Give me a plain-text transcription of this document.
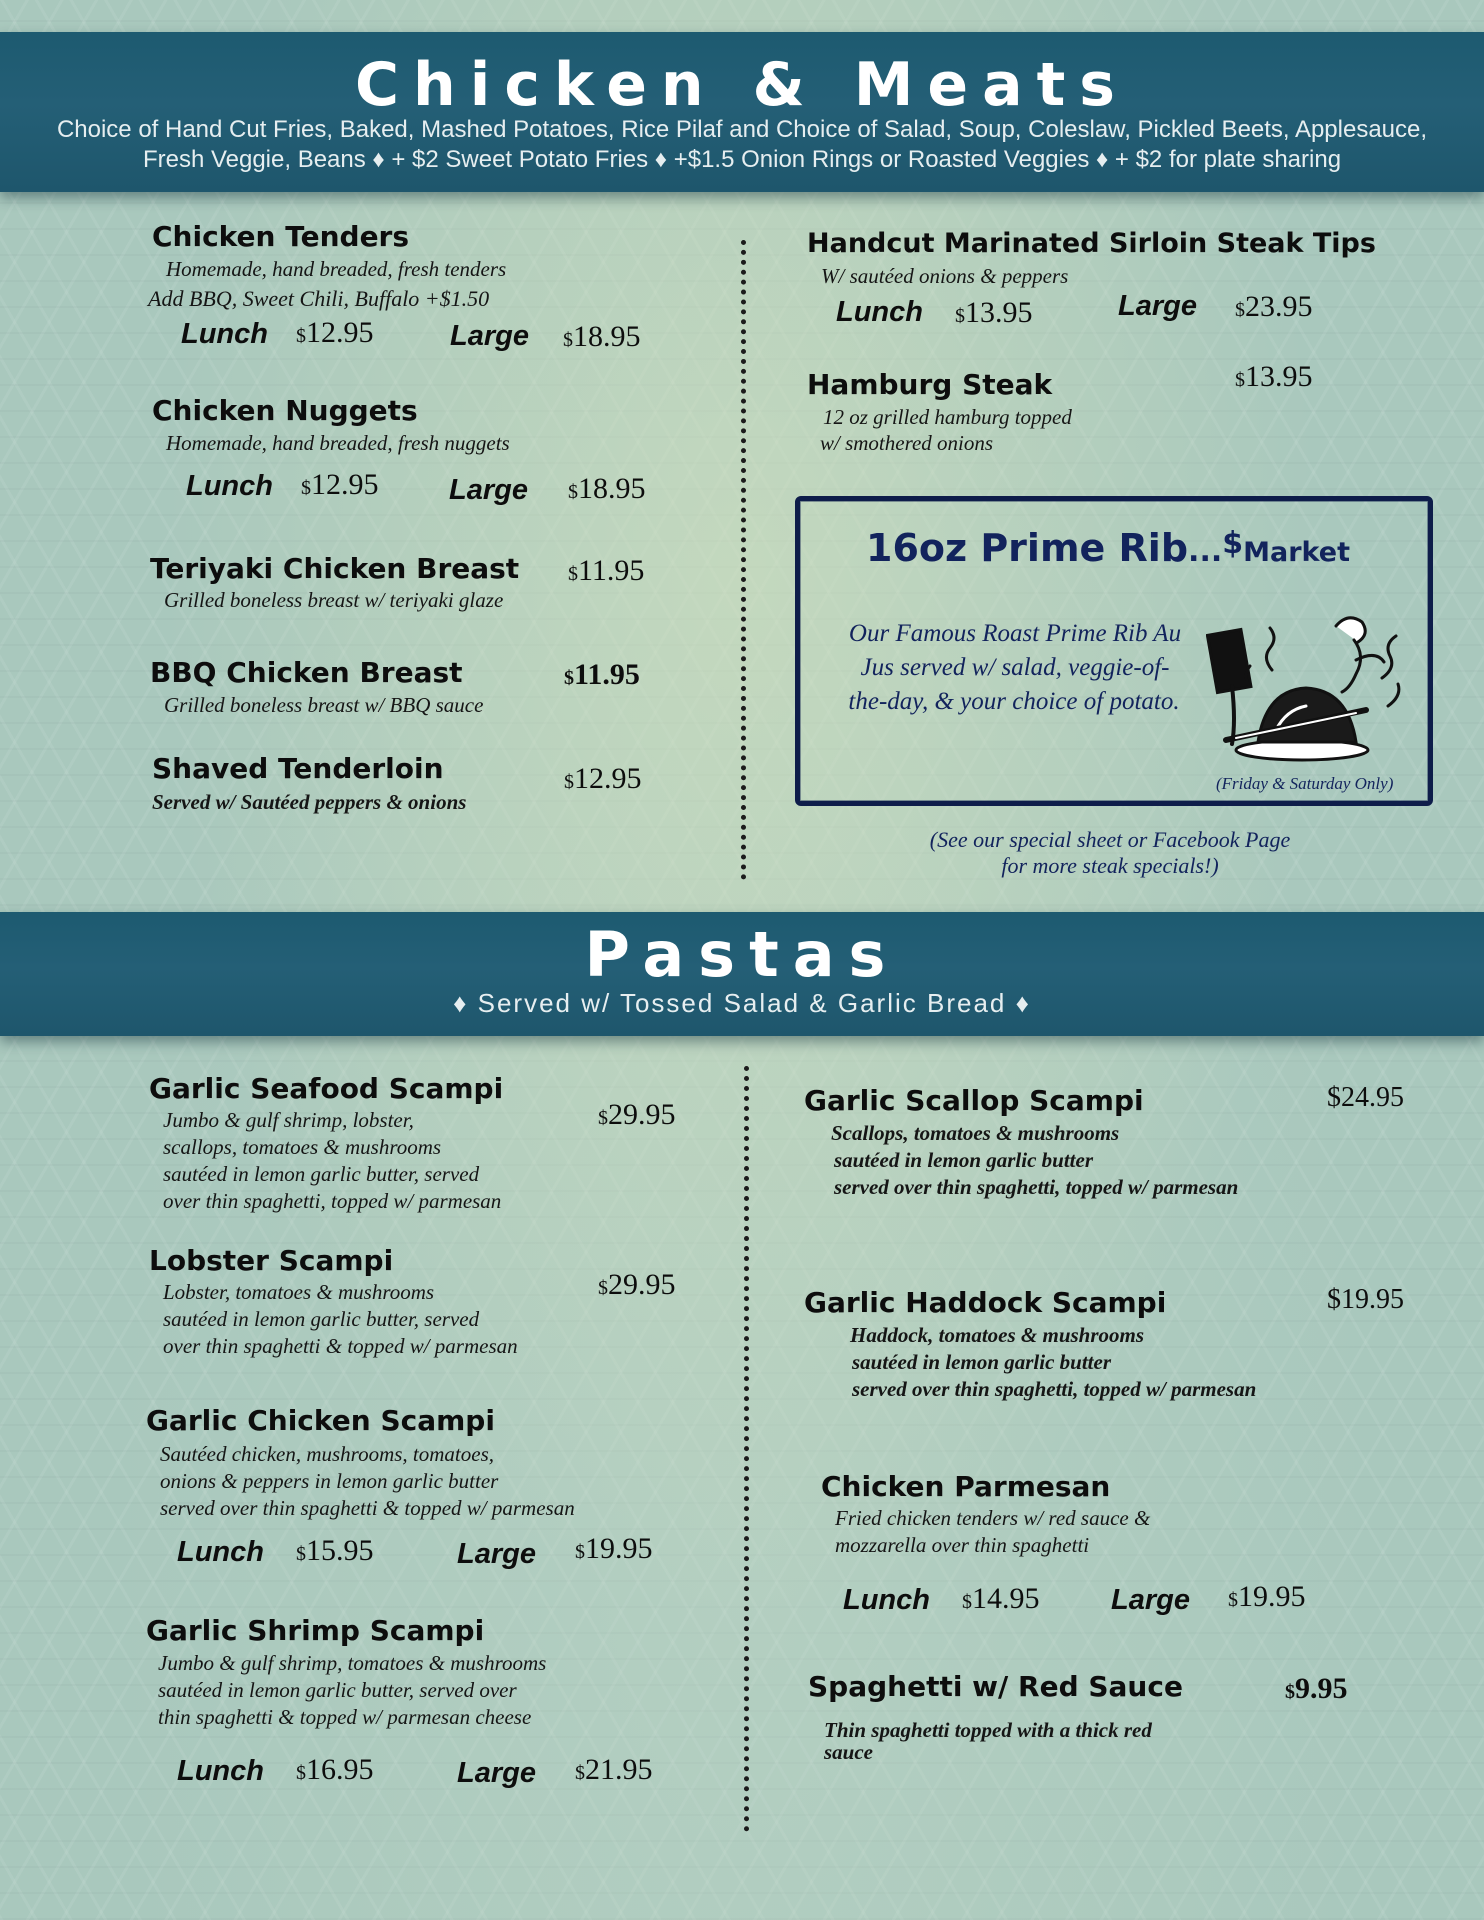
Chicken & Meats
Choice of Hand Cut Fries, Baked, Mashed Potatoes, Rice Pilaf and Choice of Salad, Soup, Coleslaw, Pickled Beets, Applesauce,
Fresh Veggie, Beans ♦ + $2 Sweet Potato Fries ♦ +$1.5 Onion Rings or Roasted Veggies ♦ + $2 for plate sharing
Chicken Tenders
Homemade, hand breaded, fresh tenders
Add BBQ, Sweet Chili, Buffalo +$1.50
Lunch $12.95	Large $18.95
Chicken Nuggets
Homemade, hand breaded, fresh nuggets
Lunch $12.95 Large $18.95
Teriyaki Chicken Breast
Grilled boneless breast w/ teriyaki glaze
$11.95
BBQ Chicken Breast
Grilled boneless breast w/ BBQ sauce
$11.95
Shaved Tenderloin
Served w/ Sautéed peppers & onions
$12.95
Handcut Marinated Sirloin Steak Tips
W/ sautéed onions & peppers
Lunch $13.95	Large $23.95
Hamburg Steak	$13.95
12 oz grilled hamburg topped
w/ smothered onions
16oz Prime Rib...$Market
Our Famous Roast Prime Rib Au
Jus served w/ salad, veggie-of-
the-day, & your choice of potato.
(Friday & Saturday Only)
(See our special sheet or Facebook Page
for more steak specials!)
Pastas
♦ Served w/ Tossed Salad & Garlic Bread ♦
Garlic Seafood Scampi
$29.95
Jumbo & gulf shrimp, lobster,
scallops, tomatoes & mushrooms
sautéed in lemon garlic butter, served
over thin spaghetti, topped w/ parmesan
Lobster Scampi
$29.95
Lobster, tomatoes & mushrooms
sautéed in lemon garlic butter, served
over thin spaghetti & topped w/ parmesan
Garlic Chicken Scampi
Sautéed chicken, mushrooms, tomatoes,
onions & peppers in lemon garlic butter
served over thin spaghetti & topped w/ parmesan
Lunch $15.95	Large $19.95
Garlic Shrimp Scampi
Jumbo & gulf shrimp, tomatoes & mushrooms
sautéed in lemon garlic butter, served over
thin spaghetti & topped w/ parmesan cheese
Lunch $16.95	Large $21.95
Garlic Scallop Scampi	$24.95
Scallops, tomatoes & mushrooms
sautéed in lemon garlic butter
served over thin spaghetti, topped w/ parmesan
Garlic Haddock Scampi	$19.95
Haddock, tomatoes & mushrooms
sautéed in lemon garlic butter
served over thin spaghetti, topped w/ parmesan
Chicken Parmesan
Fried chicken tenders w/ red sauce &
mozzarella over thin spaghetti
Lunch $14.95 Large $19.95
Spaghetti w/ Red Sauce	$9.95
Thin spaghetti topped with a thick red
sauce
